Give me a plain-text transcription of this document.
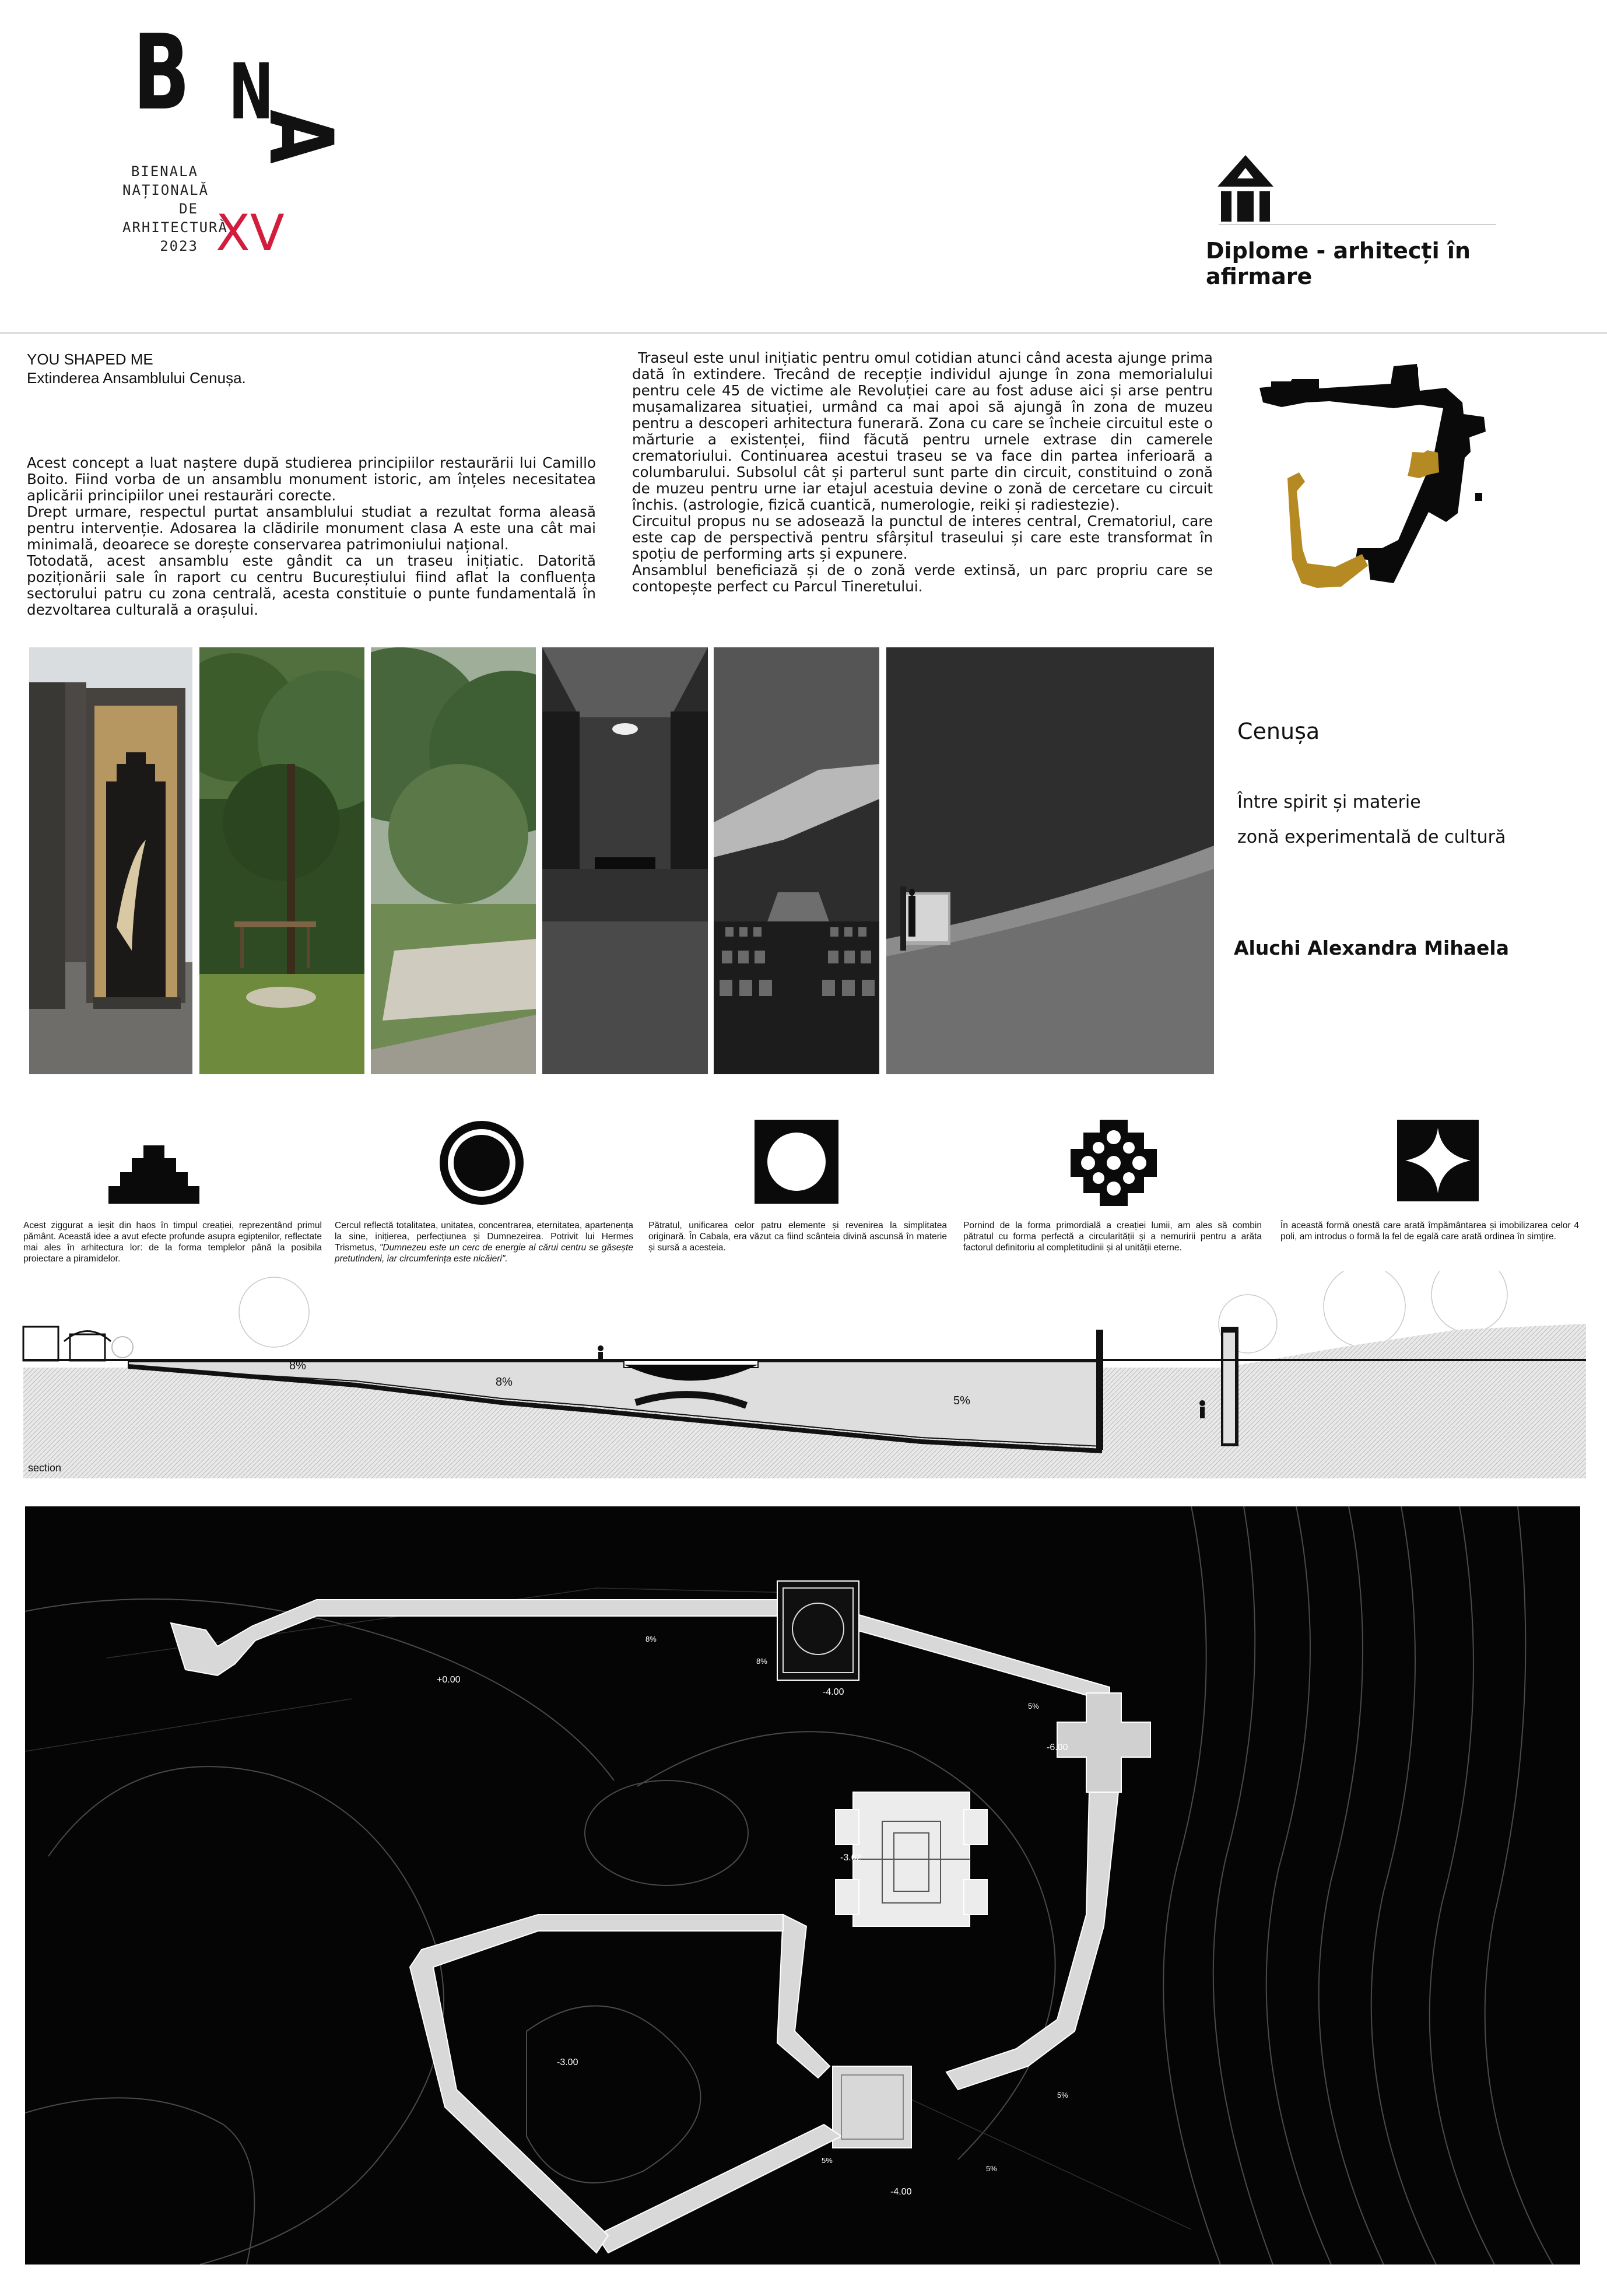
B N
A
BIENALA
NAȚIONALĂ
DE
ARHITECTURĂ
2023 XV	Diplome - arhitecți în afirmare
YOU SHAPED ME
Extinderea Ansamblului Cenușa.

Acest concept a luat naștere după studierea principiilor restaurării lui Camillo Boito. Fiind vorba de un ansamblu monument istoric, am înțeles necesitatea aplicării principiilor unei restaurări corecte.

Drept urmare, respectul purtat ansamblului studiat a rezultat forma aleasă pentru intervenție. Adosarea la clădirile monument clasa A este una cât mai minimală, deoarece se dorește conservarea patrimoniului național.

Totodată, acest ansamblu este gândit ca un traseu inițiatic. Datorită poziționării sale în raport cu centru Bucureștiului fiind aflat la confluența sectorului patru cu zona centrală, acesta constituie o punte fundamentală în dezvoltarea culturală a orașului.

Traseul este unul inițiatic pentru omul cotidian atunci când acesta ajunge prima dată în extindere. Trecând de recepție individul ajunge în zona memorialului pentru cele 45 de victime ale Revoluției care au fost aduse aici și arse pentru mușamalizarea situației, urmând ca mai apoi să ajungă în zona de muzeu pentru a descoperi arhitectura funerară. Zona cu care se încheie circuitul este o mărturie a existenței, fiind făcută pentru urnele extrase din camerele crematoriului. Continuarea acestui traseu se va face din partea inferioară a columbarului. Subsolul cât și parterul sunt parte din circuit, constituind o zonă de muzeu pentru urne iar etajul acestuia devine o zonă de cercetare cu circuit închis. (astrologie, fizică cuantică, numerologie, reiki și radiestezie).

Circuitul propus nu se adosează la punctul de interes central, Crematoriul, care este cap de perspectivă pentru sfârșitul traseului și care este transformat în spoțiu de performing arts și expunere.

Ansamblul beneficiază și de o zonă verde extinsă, un parc propriu care se contopește perfect cu Parcul Tineretului.

Cenușa
Între spirit și materie
zonă experimentală de cultură
Aluchi Alexandra Mihaela
Acest ziggurat a ieșit din haos în timpul creației, reprezentând primul pământ. Această idee a avut efecte profunde asupra egiptenilor, reflectate mai ales în arhitectura lor: de la forma templelor până la posibila proiectare a piramidelor.
Cercul reflectă totalitatea, unitatea, concentrarea, eternitatea, apartenența la sine, inițierea, perfecțiunea și Dumnezeirea. Potrivit lui Hermes Trismetus, "Dumnezeu este un cerc de energie al cărui centru se găsește pretutindeni, iar circumferința este nicăieri".
Pătratul, unificarea celor patru elemente și revenirea la simplitatea originară. În Cabala, era văzut ca fiind scânteia divină ascunsă în materie și sursă a acesteia.
Pornind de la forma primordială a creației lumii, am ales să combin pătratul cu forma perfectă a circularității și a nemuririi pentru a arăta factorul definitoriu al completitudinii și al unității eterne.
În această formă onestă care arată împământarea și imobilizarea celor 4 poli, am introdus o formă la fel de egală care arată ordinea în simțire.
8%
8%
5%
section
+0.00
-4.00
-6.00
-3.62
-3.00
-4.00
8%
8%
5%
5%
5%
5%
